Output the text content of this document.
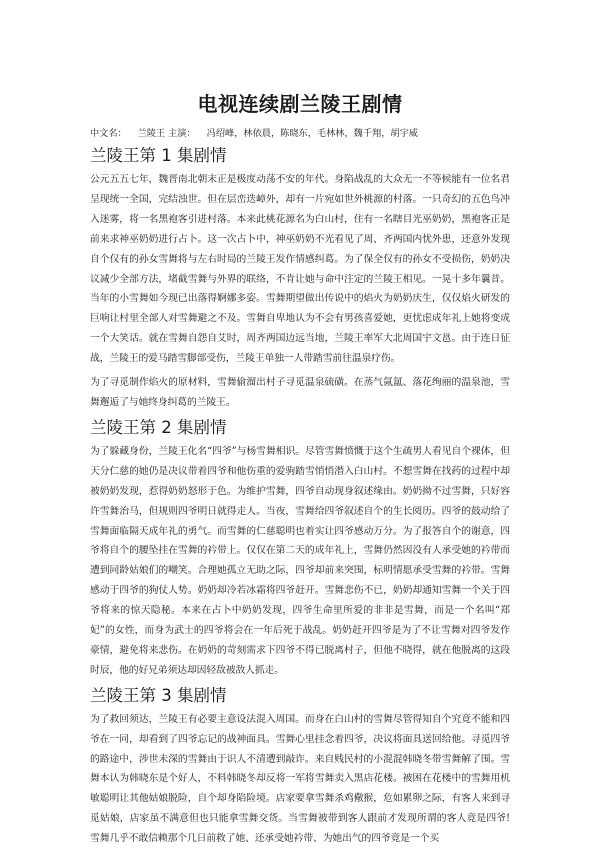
电视连续剧兰陵王剧情

中文名： 兰陵王 主演： 冯绍峰，林依晨，陈晓东，毛林林，魏千翔，胡宇威

兰陵王第 1 集剧情

公元五五七年，魏晋南北朝末正是极度动荡不安的年代。身陷战乱的大众无一不等候能有一位名君呈现统一全国，完结浊世。但在层峦迭嶂外，却有一片宛如世外桃源的村落。一只奇幻的五色鸟冲入迷雾，将一名黑袍客引进村落。本来此桃花源名为白山村，住有一名瞎目光巫奶奶，黑袍客正是前来求神巫奶奶进行占卜。这一次占卜中，神巫奶奶不光看见了周、齐两国内忧外患，还意外发现自个仅有的孙女雪舞将与左右时局的兰陵王发作情感纠葛。为了保全仅有的孙女不受损伤，奶奶决议减少全部方法，堵截雪舞与外界的联络，不肯让她与命中注定的兰陵王相见。一晃十多年曩昔。当年的小雪舞如今现已出落得婀娜多姿。雪舞期望做出传说中的焰火为奶奶庆生，仅仅焰火研发的巨响让村里全部人对雪舞避之不及。雪舞自卑地认为不会有男孩喜爱她，更忧虑成年礼上她将变成一个大笑话。就在雪舞自怨自艾时，周齐两国边远当地，兰陵王率军大北周国宇文邕。由于连日征战，兰陵王的爱马踏雪脚部受伤，兰陵王单独一人带踏雪前往温泉疗伤。

为了寻觅制作焰火的原材料，雪舞偷溜出村子寻觅温泉硫磺。在蒸气氤氲、落花绚丽的温泉池，雪舞邂逅了与她终身纠葛的兰陵王。

兰陵王第 2 集剧情

为了躲藏身份，兰陵王化名“四爷”与杨雪舞相识。尽管雪舞愤慨于这个生疏男人看见自个裸体，但天分仁慈的她仍是决议带着四爷和他伤重的爱驹踏雪悄悄潜入白山村。不想雪舞在找药的过程中却被奶奶发现，惹得奶奶怒形于色。为维护雪舞，四爷自动现身叙述缘由。奶奶拗不过雪舞，只好容许雪舞治马，但规则四爷明日就得走人。当夜，雪舞给四爷叙述自个的生长阅历。四爷的鼓动给了雪舞面临隔天成年礼的勇气。而雪舞的仁慈聪明也着实让四爷感动万分。为了报答自个的谢意，四爷将自个的腰坠挂在雪舞的衿带上。仅仅在第二天的成年礼上，雪舞仍然因没有人承受她的衿带而遭到同龄姑娘们的嘲笑。合理她孤立无助之际，四爷却前来突围，标明情愿承受雪舞的衿带。雪舞感动于四爷的狗仗人势。奶奶却冷若冰霜将四爷赶开。雪舞悲伤不已，奶奶却通知雪舞一个关于四爷将来的惊天隐秘。本来在占卜中奶奶发现，四爷生命里所爱的非非是雪舞，而是一个名叫“郑妃”的女性，而身为武士的四爷将会在一年后死于战乱。奶奶赶开四爷是为了不让雪舞对四爷发作豪情，避免将来悲伤。在奶奶的苛刻需求下四爷不得已脱离村子，但他不晓得，就在他脱离的这段时辰，他的好兄弟须达却因轻敌被敌人抓走。

兰陵王第 3 集剧情

为了救回须达，兰陵王有必要主意设法混入周国。而身在白山村的雪舞尽管得知自个究竟不能和四爷在一同，却看到了四爷忘记的战神面具。雪舞心里挂念着四爷，决议将面具送回给他。寻觅四爷的路途中，涉世未深的雪舞由于识人不清遭到敲诈。来自贱民村的小混混韩晓冬带雪舞解了围。雪舞本认为韩晓东是个好人，不料韩晓冬却反将一军将雪舞卖入黑店花楼。被困在花楼中的雪舞用机敏聪明让其他姑娘脱险，自个却身陷险境。店家要拿雪舞杀鸡儆猴，危如累卵之际，有客人来到寻觅姑娘，店家虽不满意但也只能拿雪舞交货。当雪舞被带到客人跟前才发现所谓的客人竟是四爷!雪舞几乎不敢信赖那个几日前救了她、还承受她衿带、为她出气的四爷竟是一个买
